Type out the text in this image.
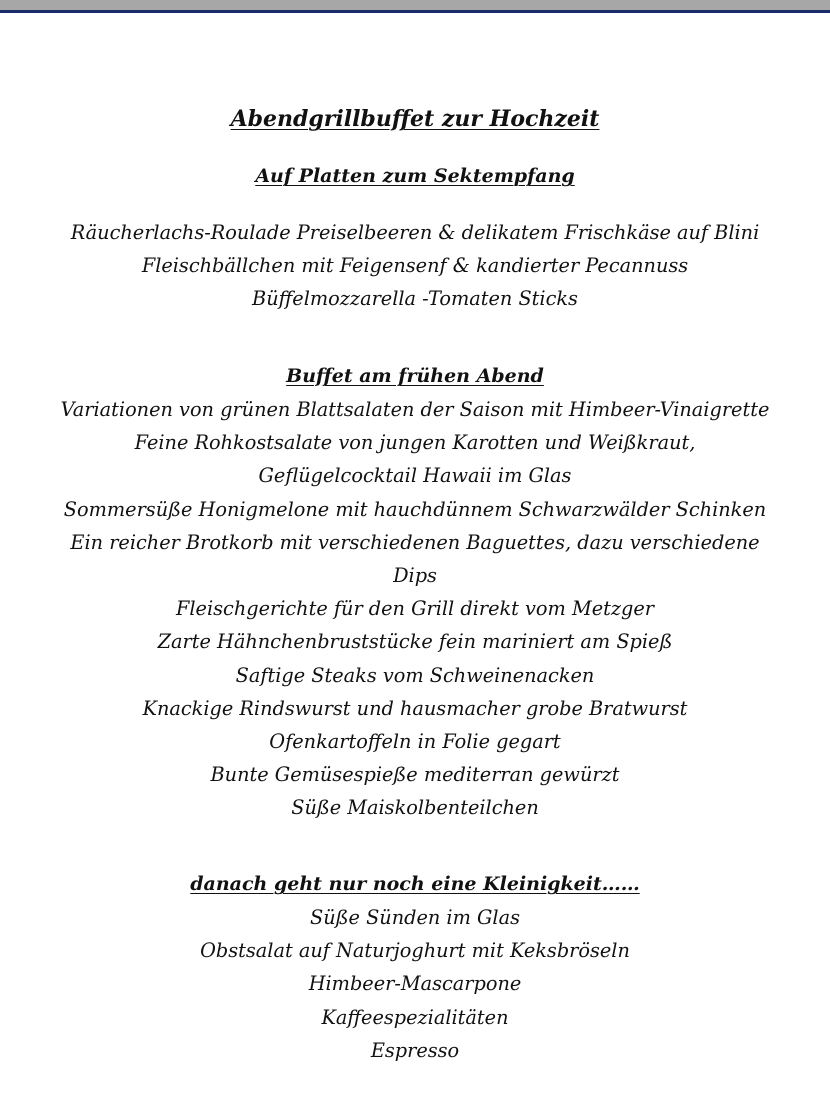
Abendgrillbuffet zur Hochzeit
Auf Platten zum Sektempfang
Räucherlachs-Roulade Preiselbeeren & delikatem Frischkäse auf Blini
Fleischbällchen mit Feigensenf & kandierter Pecannuss
Büffelmozzarella -Tomaten Sticks
Buffet am frühen Abend
Variationen von grünen Blattsalaten der Saison mit Himbeer-Vinaigrette
Feine Rohkostsalate von jungen Karotten und Weißkraut,
Geflügelcocktail Hawaii im Glas
Sommersüße Honigmelone mit hauchdünnem Schwarzwälder Schinken
Ein reicher Brotkorb mit verschiedenen Baguettes, dazu verschiedene
Dips
Fleischgerichte für den Grill direkt vom Metzger
Zarte Hähnchenbruststücke fein mariniert am Spieß
Saftige Steaks vom Schweinenacken
Knackige Rindswurst und hausmacher grobe Bratwurst
Ofenkartoffeln in Folie gegart
Bunte Gemüsespieße mediterran gewürzt
Süße Maiskolbenteilchen
danach geht nur noch eine Kleinigkeit……
Süße Sünden im Glas
Obstsalat auf Naturjoghurt mit Keksbröseln
Himbeer-Mascarpone
Kaffeespezialitäten
Espresso
